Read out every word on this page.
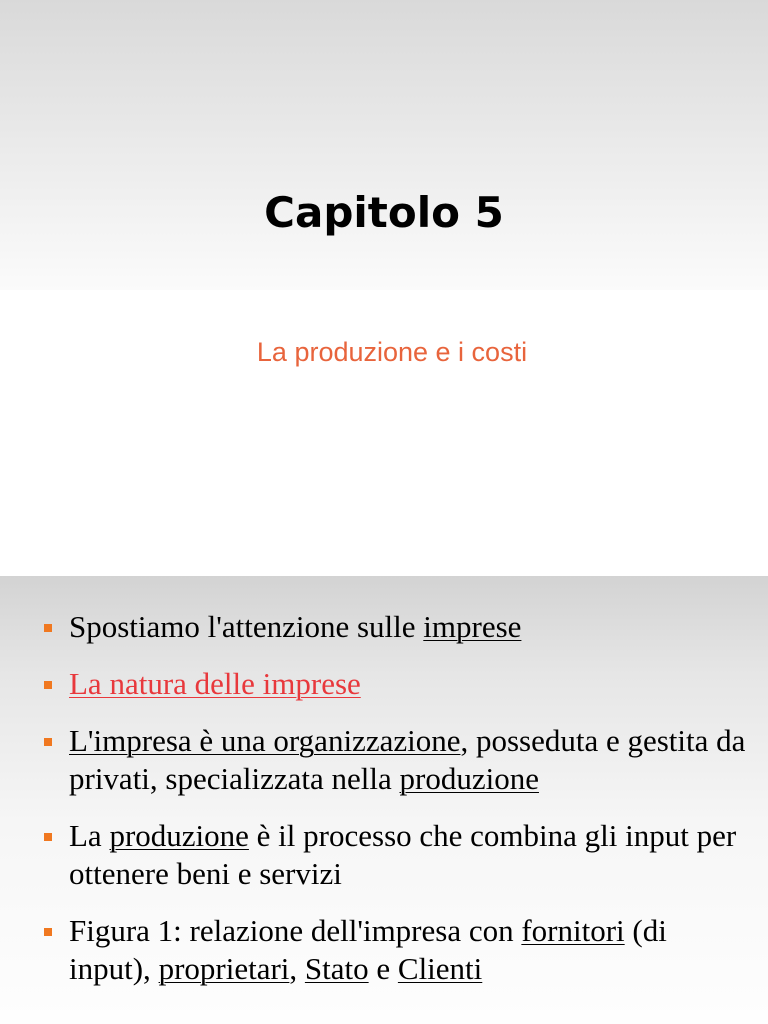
Capitolo 5

La produzione e i costi

Spostiamo l'attenzione sulle imprese
La natura delle imprese
L'impresa è una organizzazione, posseduta e gestita da privati, specializzata nella produzione
La produzione è il processo che combina gli input per ottenere beni e servizi
Figura 1: relazione dell'impresa con fornitori (di input), proprietari, Stato e Clienti
